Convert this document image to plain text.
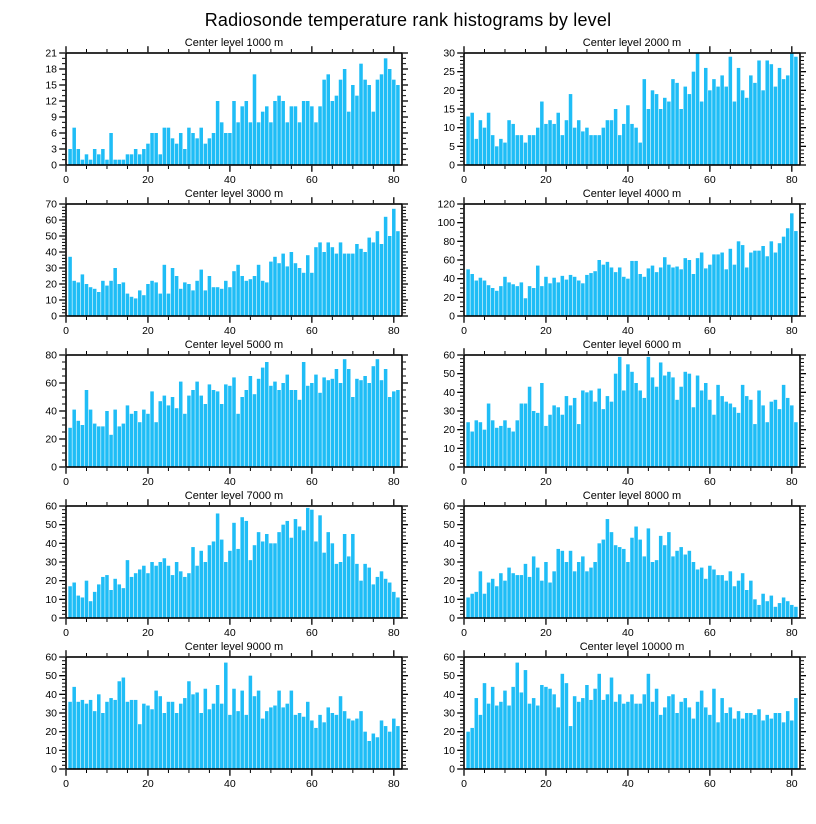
Radiosonde temperature rank histograms by level
Center level 1000 m
0	20	40	60	80
0
3
6
9
12
15
18
21
Center level 2000 m
0	20	40	60	80
0
5
10
15
20
25
30
Center level 3000 m
0	20	40	60	80
0
10
20
30
40
50
60
70
Center level 4000 m
0	20	40	60	80
0
20
40
60
80
100
120
Center level 5000 m
0	20	40	60	80
0
20
40
60
80
Center level 6000 m
0	20	40	60	80
0
10
20
30
40
50
60
Center level 7000 m
0	20	40	60	80
0
10
20
30
40
50
60
Center level 8000 m
0	20	40	60	80
0
10
20
30
40
50
60
Center level 9000 m
0	20	40	60	80
0
10
20
30
40
50
60
Center level 10000 m
0	20	40	60	80
0
10
20
30
40
50
60
